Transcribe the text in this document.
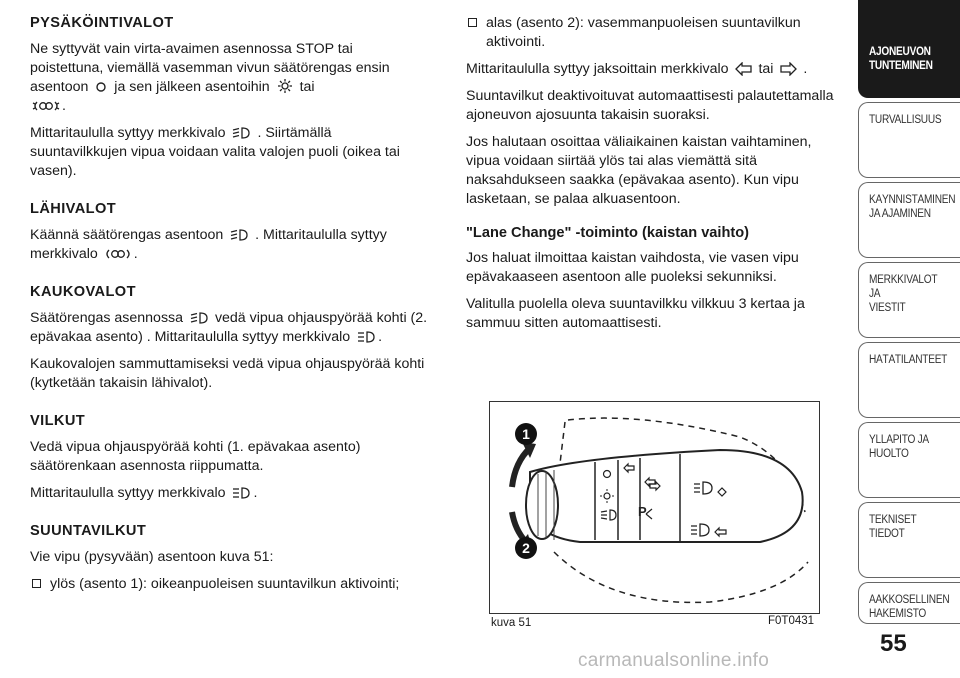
PYSÄKÖINTIVALOT

Ne syttyvät vain virta-avaimen asennossa STOP tai poistettuna, viemällä vasemman vivun säätörengas ensin asentoon ja sen jälkeen asentoihin tai

.

Mittaritaululla syttyy merkkivalo . Siirtämällä suuntavilkkujen vipua voidaan valita valojen puoli (oikea tai vasen).

LÄHIVALOT

Käännä säätörengas asentoon . Mittaritaululla syttyy merkkivalo	.

KAUKOVALOT

Säätörengas asennossa vedä vipua ohjauspyörää kohti (2. epävakaa asento) . Mittaritaululla syttyy merkkivalo .

Kaukovalojen sammuttamiseksi vedä vipua ohjauspyörää kohti (kytketään takaisin lähivalot).

VILKUT

Vedä vipua ohjauspyörää kohti (1. epävakaa asento) säätörenkaan asennosta riippumatta.

Mittaritaululla syttyy merkkivalo .

SUUNTAVILKUT

Vie vipu (pysyvään) asentoon kuva 51:

ylös (asento 1): oikeanpuoleisen suuntavilkun aktivointi;
alas (asento 2): vasemmanpuoleisen suuntavilkun aktivointi.

Mittaritaululla syttyy jaksoittain merkkivalo tai .

Suuntavilkut deaktivoituvat automaattisesti palautettamalla ajoneuvon ajosuunta takaisin suoraksi.

Jos halutaan osoittaa väliaikainen kaistan vaihtaminen, vipua voidaan siirtää ylös tai alas viemättä sitä naksahdukseen saakka (epävakaa asento). Kun vipu lasketaan, se palaa alkuasentoon.

"Lane Change" -toiminto (kaistan vaihto)

Jos haluat ilmoittaa kaistan vaihdosta, vie vasen vipu epävakaaseen asentoon alle puoleksi sekunniksi.

Valitulla puolella oleva suuntavilkku vilkkuu 3 kertaa ja sammuu sitten automaattisesti.

P
1
2
kuva 51	F0T0431
AJONEUVON
TUNTEMINEN
TURVALLISUUS
KÄYNNISTÄMINEN
JA AJAMINEN
MERKKIVALOT JA
VIESTIT
HÄTÄTILANTEET
YLLÄPITO JA HUOLTO
TEKNISET TIEDOT
AAKKOSELLINEN
HAKEMISTO
55
carmanualsonline.info
